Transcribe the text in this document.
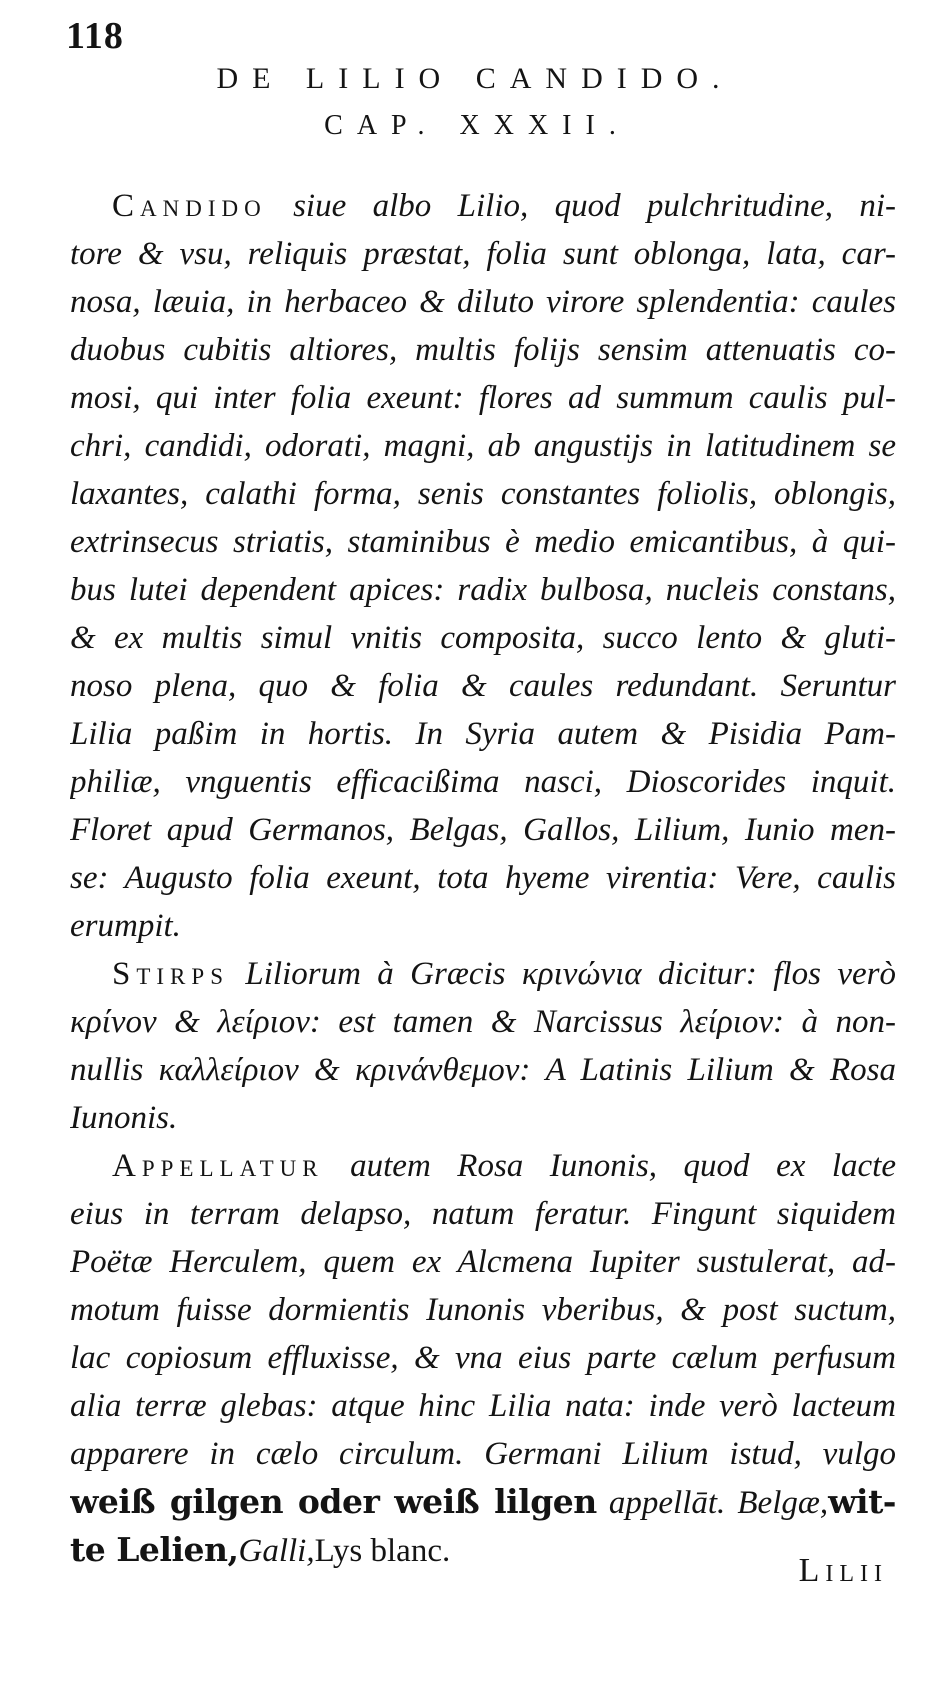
118
DE LILIO CANDIDO.
CAP. XXXII.
Candido siue albo Lilio, quod pulchritudine, ni-
tore & vsu, reliquis præstat, folia sunt oblonga, lata, car-
nosa, læuia, in herbaceo & diluto virore splendentia: caules
duobus cubitis altiores, multis folijs sensim attenuatis co-
mosi, qui inter folia exeunt: flores ad summum caulis pul-
chri, candidi, odorati, magni, ab angustijs in latitudinem se
laxantes, calathi forma, senis constantes foliolis, oblongis,
extrinsecus striatis, staminibus è medio emicantibus, à qui-
bus lutei dependent apices: radix bulbosa, nucleis constans,
& ex multis simul vnitis composita, succo lento & gluti-
noso plena, quo & folia & caules redundant. Seruntur
Lilia paßim in hortis. In Syria autem & Pisidia Pam-
philiæ, vnguentis efficacißima nasci, Dioscorides inquit.
Floret apud Germanos, Belgas, Gallos, Lilium, Iunio men-
se: Augusto folia exeunt, tota hyeme virentia: Vere, caulis
erumpit.
Stirps Liliorum à Græcis κρινώνια dicitur: flos verò
κρίνον & λείριον: est tamen & Narcissus λείριον: à non-
nullis καλλείριον & κρινάνθεμον: A Latinis Lilium & Rosa
Iunonis.
Appellatur autem Rosa Iunonis, quod ex lacte
eius in terram delapso, natum feratur. Fingunt siquidem
Poëtæ Herculem, quem ex Alcmena Iupiter sustulerat, ad-
motum fuisse dormientis Iunonis vberibus, & post suctum,
lac copiosum effluxisse, & vna eius parte cælum perfusum
alia terræ glebas: atque hinc Lilia nata: inde verò lacteum
apparere in cælo circulum. Germani Lilium istud, vulgo
weiß gilgen oder weiß lilgen appellāt. Belgæ,wit-
te Lelien,Galli,Lys blanc.
Lilii
